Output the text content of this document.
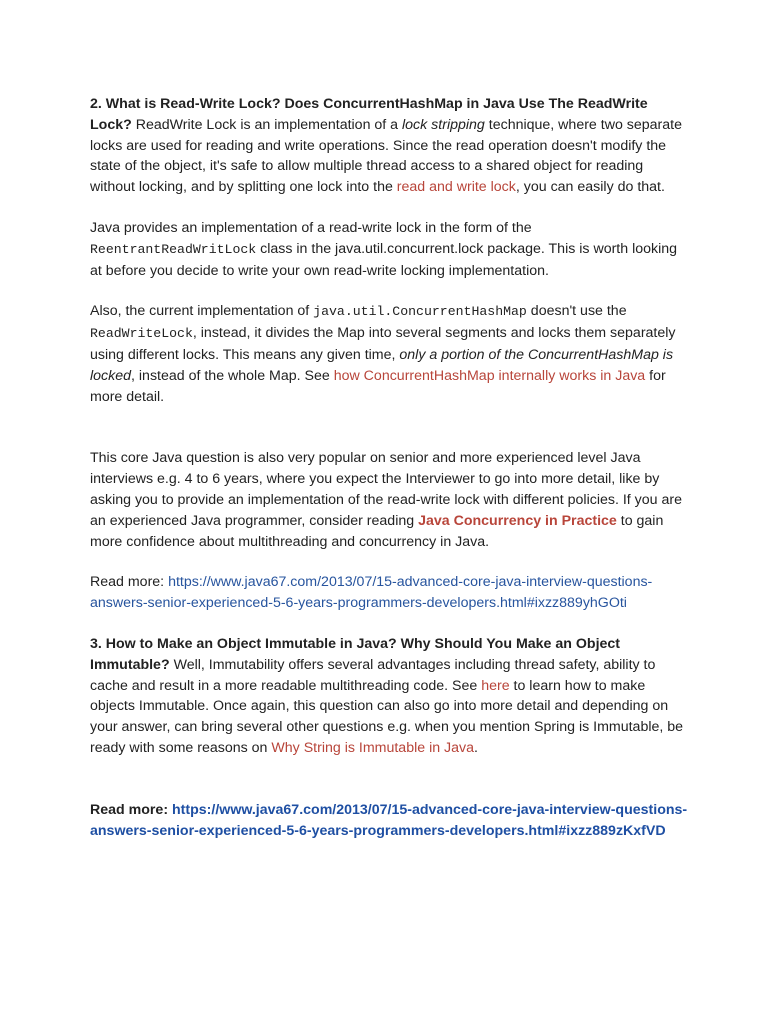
2. What is Read-Write Lock? Does ConcurrentHashMap in Java Use The ReadWrite Lock? ReadWrite Lock is an implementation of a lock stripping technique, where two separate locks are used for reading and write operations. Since the read operation doesn't modify the state of the object, it's safe to allow multiple thread access to a shared object for reading without locking, and by splitting one lock into the read and write lock, you can easily do that.

Java provides an implementation of a read-write lock in the form of the ReentrantReadWritLock class in the java.util.concurrent.lock package. This is worth looking at before you decide to write your own read-write locking implementation.

Also, the current implementation of java.util.ConcurrentHashMap doesn't use the ReadWriteLock, instead, it divides the Map into several segments and locks them separately using different locks. This means any given time, only a portion of the ConcurrentHashMap is locked, instead of the whole Map. See how ConcurrentHashMap internally works in Java for more detail.

This core Java question is also very popular on senior and more experienced level Java interviews e.g. 4 to 6 years, where you expect the Interviewer to go into more detail, like by asking you to provide an implementation of the read-write lock with different policies. If you are an experienced Java programmer, consider reading Java Concurrency in Practice to gain more confidence about multithreading and concurrency in Java.

Read more: https://www.java67.com/2013/07/15-advanced-core-java-interview-questions-answers-senior-experienced-5-6-years-programmers-developers.html#ixzz889yhGOti

3. How to Make an Object Immutable in Java? Why Should You Make an Object Immutable? Well, Immutability offers several advantages including thread safety, ability to cache and result in a more readable multithreading code. See here to learn how to make objects Immutable. Once again, this question can also go into more detail and depending on your answer, can bring several other questions e.g. when you mention Spring is Immutable, be ready with some reasons on Why String is Immutable in Java.

Read more: https://www.java67.com/2013/07/15-advanced-core-java-interview-questions-answers-senior-experienced-5-6-years-programmers-developers.html#ixzz889zKxfVD
